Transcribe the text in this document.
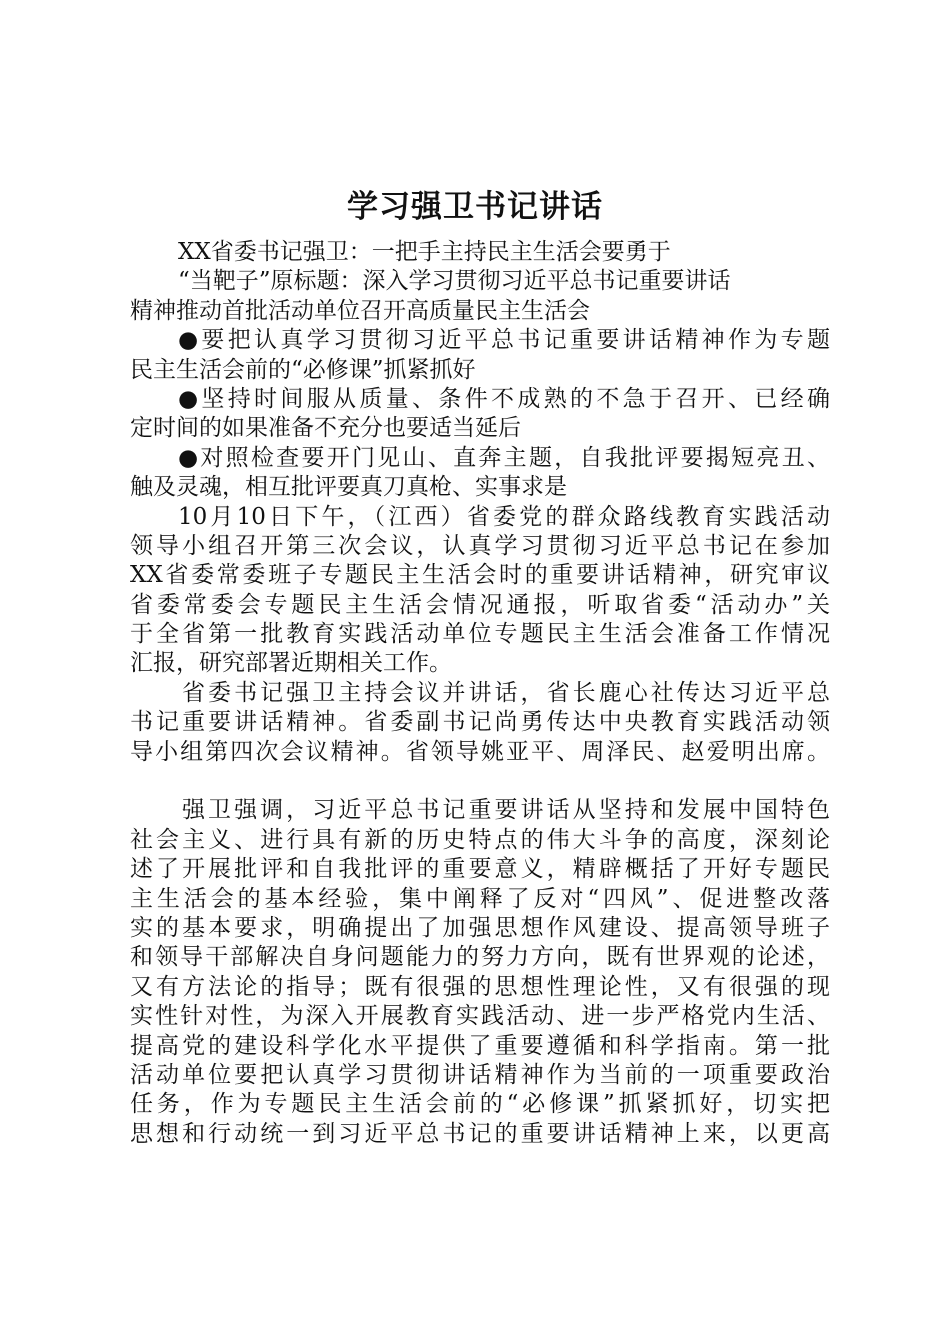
学习强卫书记讲话
XX省委书记强卫：一把手主持民主生活会要勇于
“当靶子”原标题：深入学习贯彻习近平总书记重要讲话
精神推动首批活动单位召开高质量民主生活会
●要把认真学习贯彻习近平总书记重要讲话精神作为专题
民主生活会前的“必修课”抓紧抓好
●坚持时间服从质量、条件不成熟的不急于召开、已经确
定时间的如果准备不充分也要适当延后
●对照检查要开门见山、直奔主题，自我批评要揭短亮丑、
触及灵魂，相互批评要真刀真枪、实事求是
10月10日下午，（江西）省委党的群众路线教育实践活动
领导小组召开第三次会议，认真学习贯彻习近平总书记在参加
XX省委常委班子专题民主生活会时的重要讲话精神，研究审议
省委常委会专题民主生活会情况通报，听取省委“活动办”关
于全省第一批教育实践活动单位专题民主生活会准备工作情况
汇报，研究部署近期相关工作。
省委书记强卫主持会议并讲话，省长鹿心社传达习近平总
书记重要讲话精神。省委副书记尚勇传达中央教育实践活动领
导小组第四次会议精神。省领导姚亚平、周泽民、赵爱明出席。
强卫强调，习近平总书记重要讲话从坚持和发展中国特色
社会主义、进行具有新的历史特点的伟大斗争的高度，深刻论
述了开展批评和自我批评的重要意义，精辟概括了开好专题民
主生活会的基本经验，集中阐释了反对“四风”、促进整改落
实的基本要求，明确提出了加强思想作风建设、提高领导班子
和领导干部解决自身问题能力的努力方向，既有世界观的论述，
又有方法论的指导；既有很强的思想性理论性，又有很强的现
实性针对性，为深入开展教育实践活动、进一步严格党内生活、
提高党的建设科学化水平提供了重要遵循和科学指南。第一批
活动单位要把认真学习贯彻讲话精神作为当前的一项重要政治
任务，作为专题民主生活会前的“必修课”抓紧抓好，切实把
思想和行动统一到习近平总书记的重要讲话精神上来，以更高
